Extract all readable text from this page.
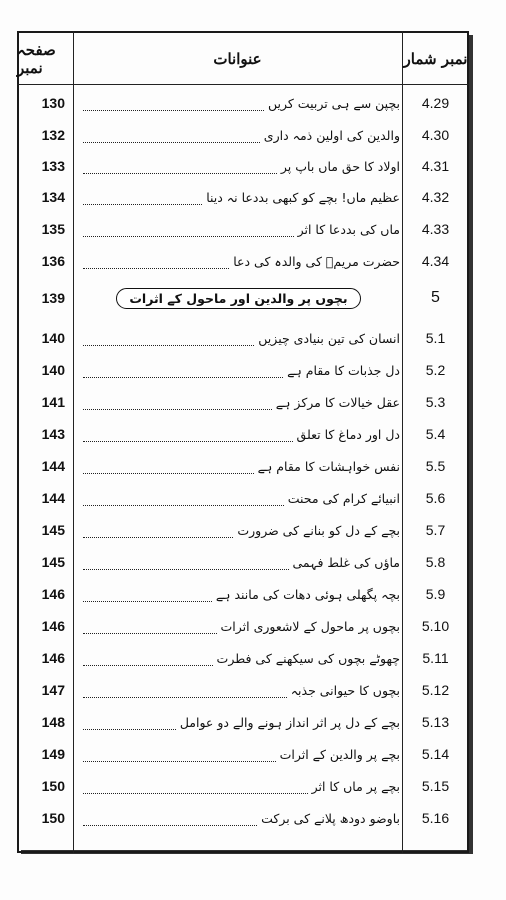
صفحہ نمبر	عنوانات	نمبر شمار
130	بچپن سے ہی تربیت کریں	4.29
132	والدین کی اولین ذمہ داری	4.30
133	اولاد کا حق ماں باپ پر	4.31
134	عظیم ماں! بچے کو کبھی بددعا نہ دینا	4.32
135	ماں کی بددعا کا اثر	4.33
136	حضرت مریمؑ کی والدہ کی دعا	4.34
139	بچوں پر والدین اور ماحول کے اثرات	5
140	انسان کی تین بنیادی چیزیں	5.1
140	دل جذبات کا مقام ہے	5.2
141	عقل خیالات کا مرکز ہے	5.3
143	دل اور دماغ کا تعلق	5.4
144	نفس خواہشات کا مقام ہے	5.5
144	انبیائے کرام کی محنت	5.6
145	بچے کے دل کو بنانے کی ضرورت	5.7
145	ماؤں کی غلط فہمی	5.8
146	بچہ پگھلی ہوئی دھات کی مانند ہے	5.9
146	بچوں پر ماحول کے لاشعوری اثرات	5.10
146	چھوٹے بچوں کی سیکھنے کی فطرت	5.11
147	بچوں کا حیوانی جذبہ	5.12
148	بچے کے دل پر اثر انداز ہونے والے دو عوامل	5.13
149	بچے پر والدین کے اثرات	5.14
150	بچے پر ماں کا اثر	5.15
150	باوضو دودھ پلانے کی برکت	5.16
